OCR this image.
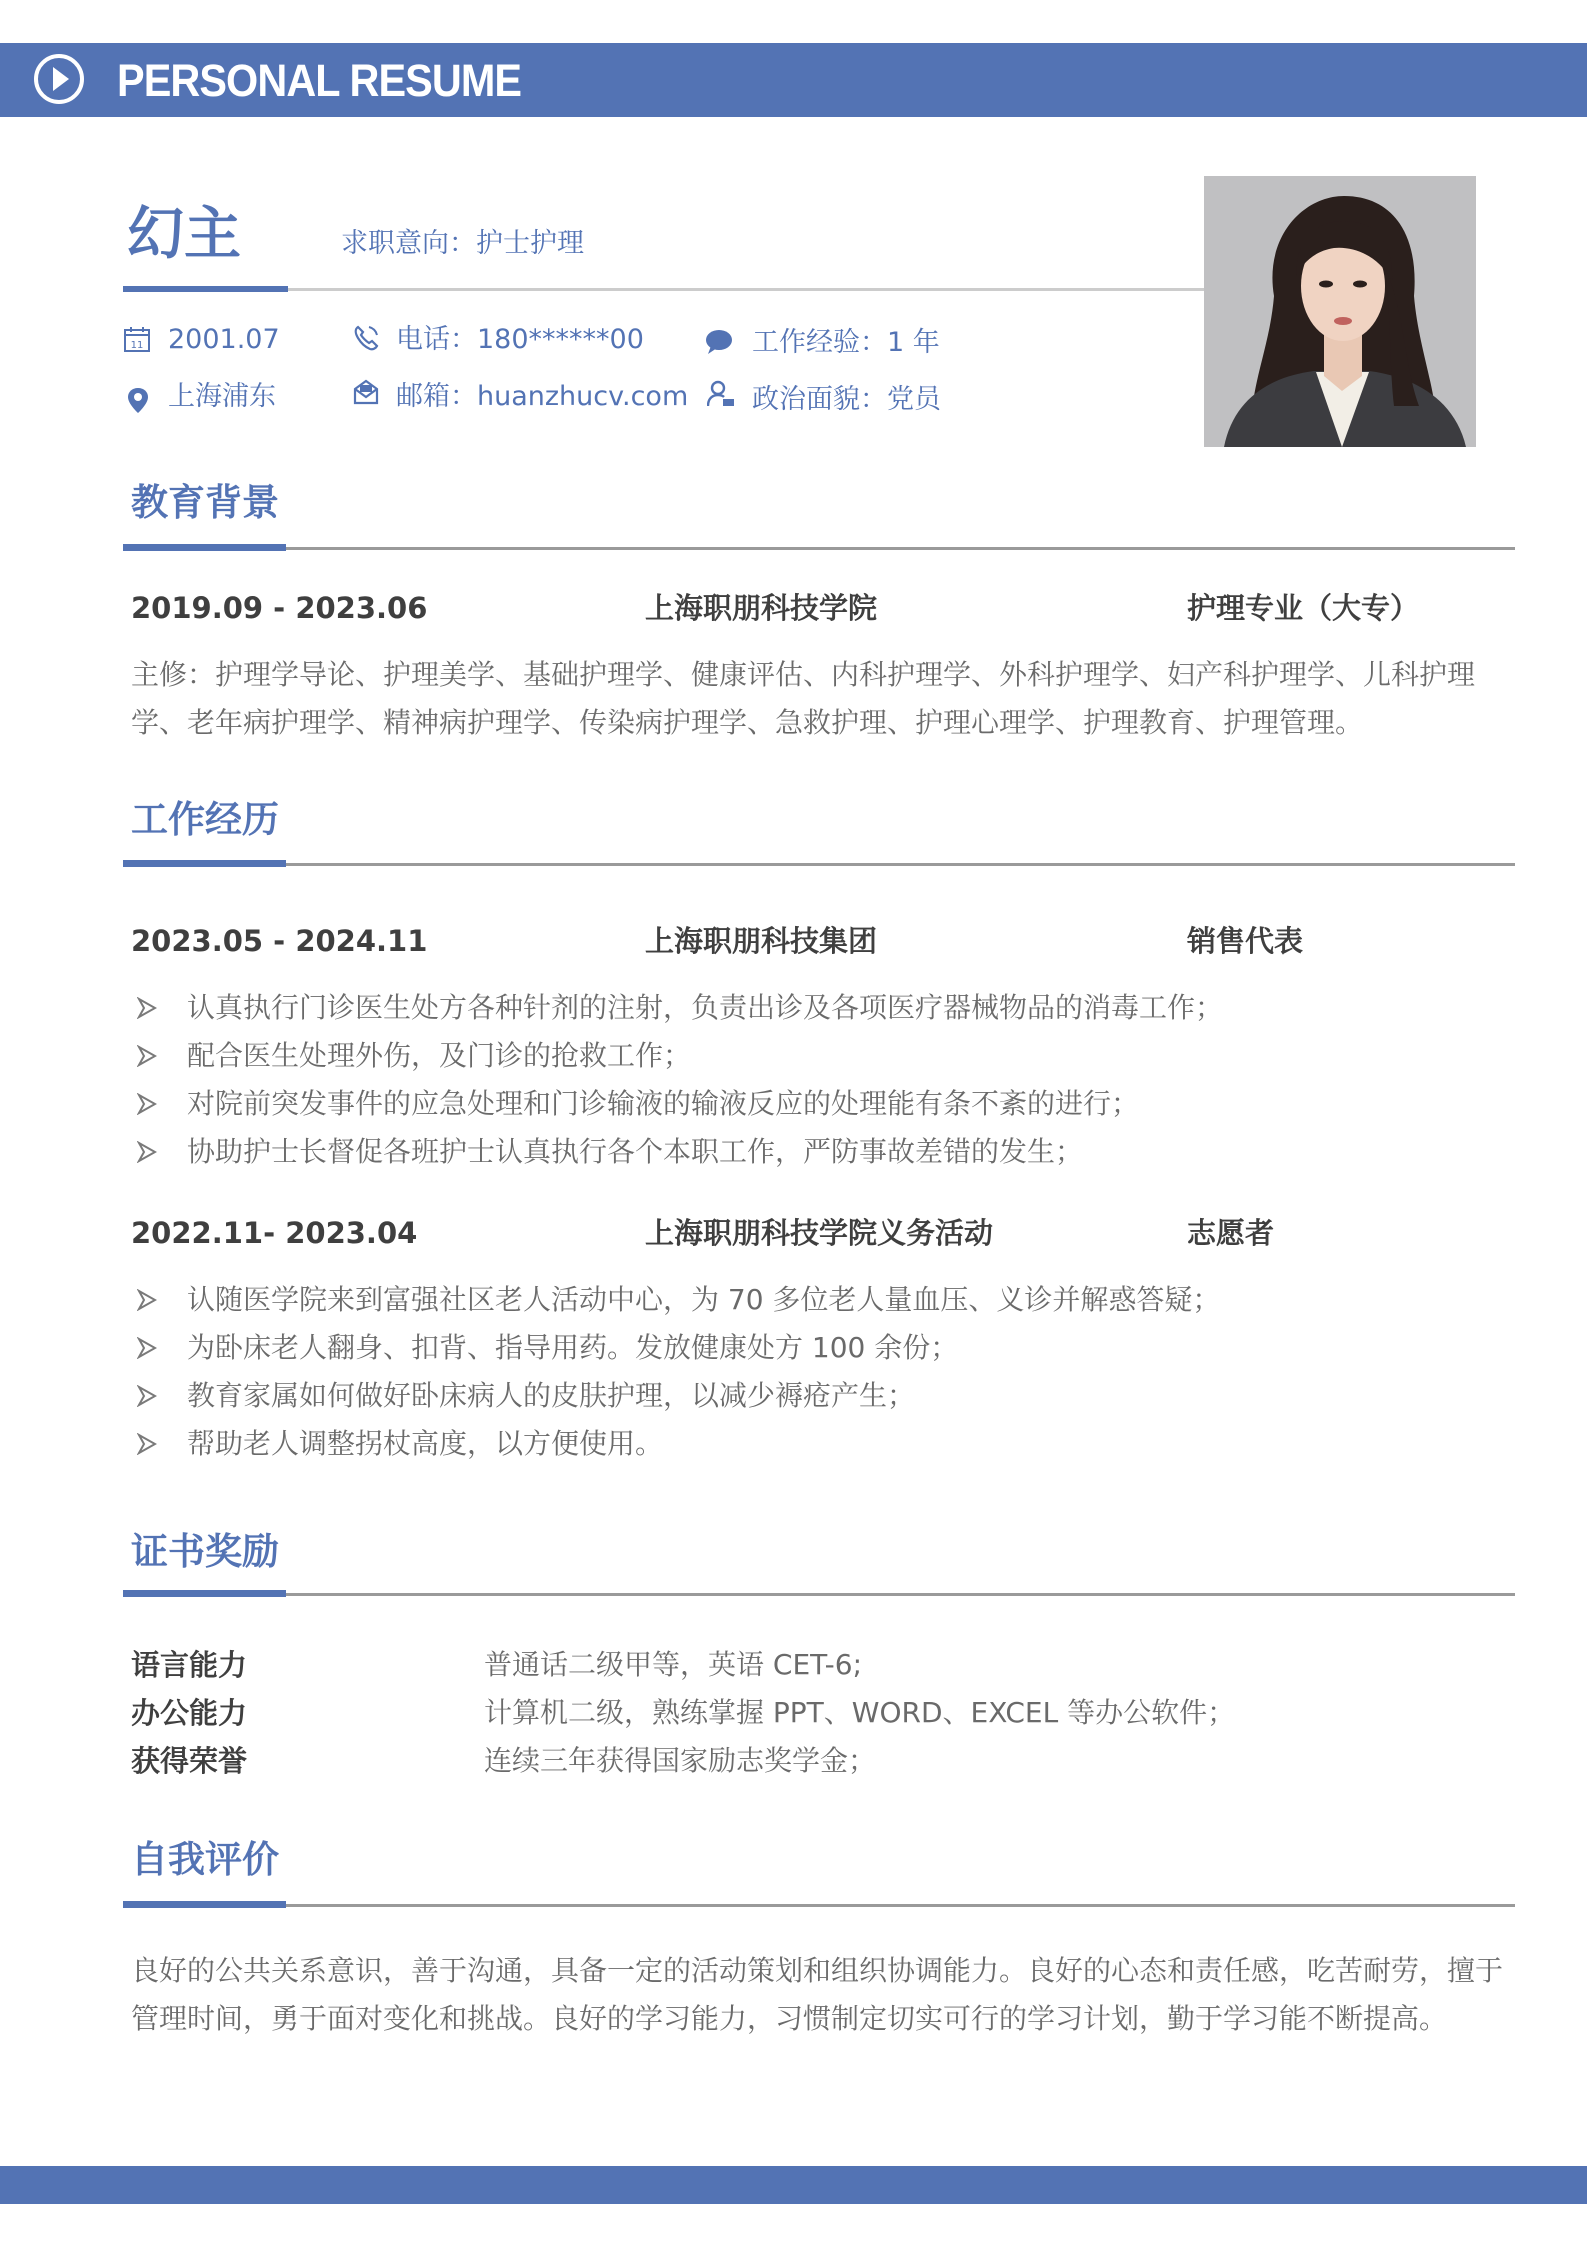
PERSONAL RESUME
幻主	求职意向：护士护理
11 2001.07	电话：180******00	工作经验：1 年
上海浦东	邮箱：huanzhucv.com 政治面貌：党员
教育背景
2019.09 - 2023.06	上海职朋科技学院	护理专业（大专）
主修：护理学导论、护理美学、基础护理学、健康评估、内科护理学、外科护理学、妇产科护理学、儿科护理学、老年病护理学、精神病护理学、传染病护理学、急救护理、护理心理学、护理教育、护理管理。
工作经历
2023.05 - 2024.11	上海职朋科技集团	销售代表
认真执行门诊医生处方各种针剂的注射，负责出诊及各项医疗器械物品的消毒工作；
配合医生处理外伤，及门诊的抢救工作；
对院前突发事件的应急处理和门诊输液的输液反应的处理能有条不紊的进行；
协助护士长督促各班护士认真执行各个本职工作，严防事故差错的发生；
2022.11- 2023.04	上海职朋科技学院义务活动	志愿者
认随医学院来到富强社区老人活动中心，为 70 多位老人量血压、义诊并解惑答疑；
为卧床老人翻身、扣背、指导用药。发放健康处方 100 余份；
教育家属如何做好卧床病人的皮肤护理，以减少褥疮产生；
帮助老人调整拐杖高度，以方便使用。
证书奖励
语言能力	普通话二级甲等，英语 CET-6;
办公能力	计算机二级，熟练掌握 PPT、WORD、EXCEL 等办公软件；
获得荣誉	连续三年获得国家励志奖学金；
自我评价
良好的公共关系意识，善于沟通，具备一定的活动策划和组织协调能力。良好的心态和责任感，吃苦耐劳，擅于管理时间，勇于面对变化和挑战。良好的学习能力，习惯制定切实可行的学习计划，勤于学习能不断提高。
